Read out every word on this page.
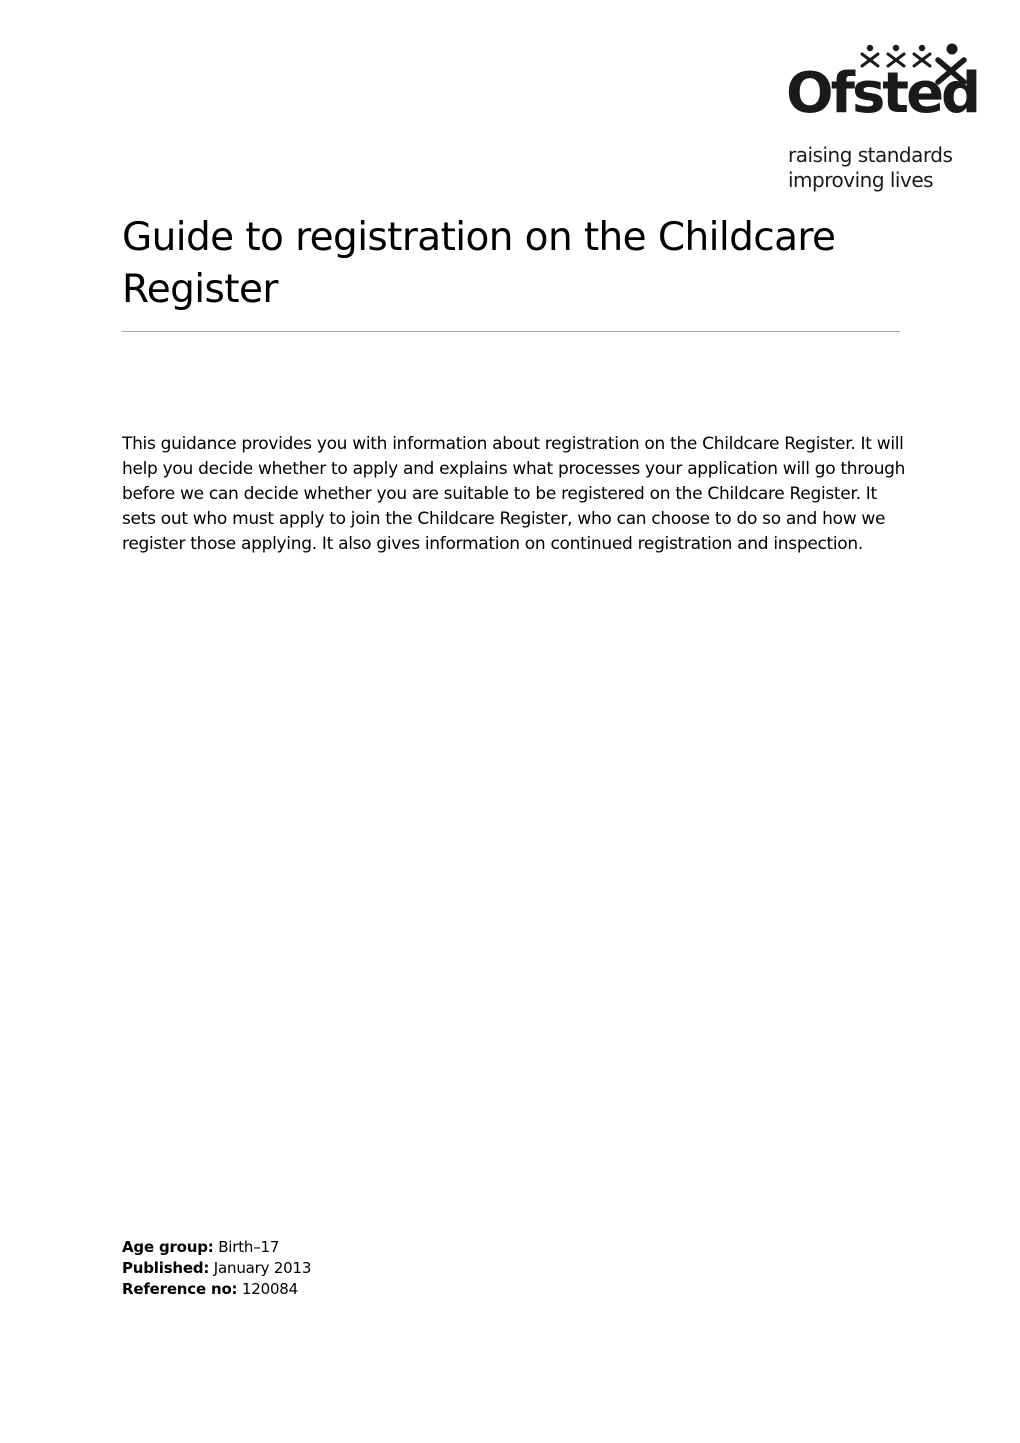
Ofsted
raising standards
improving lives
Guide to registration on the Childcare Register

This guidance provides you with information about registration on the Childcare Register. It will help you decide whether to apply and explains what processes your application will go through before we can decide whether you are suitable to be registered on the Childcare Register. It sets out who must apply to join the Childcare Register, who can choose to do so and how we register those applying. It also gives information on continued registration and inspection.

Age group: Birth–17
Published: January 2013
Reference no: 120084
